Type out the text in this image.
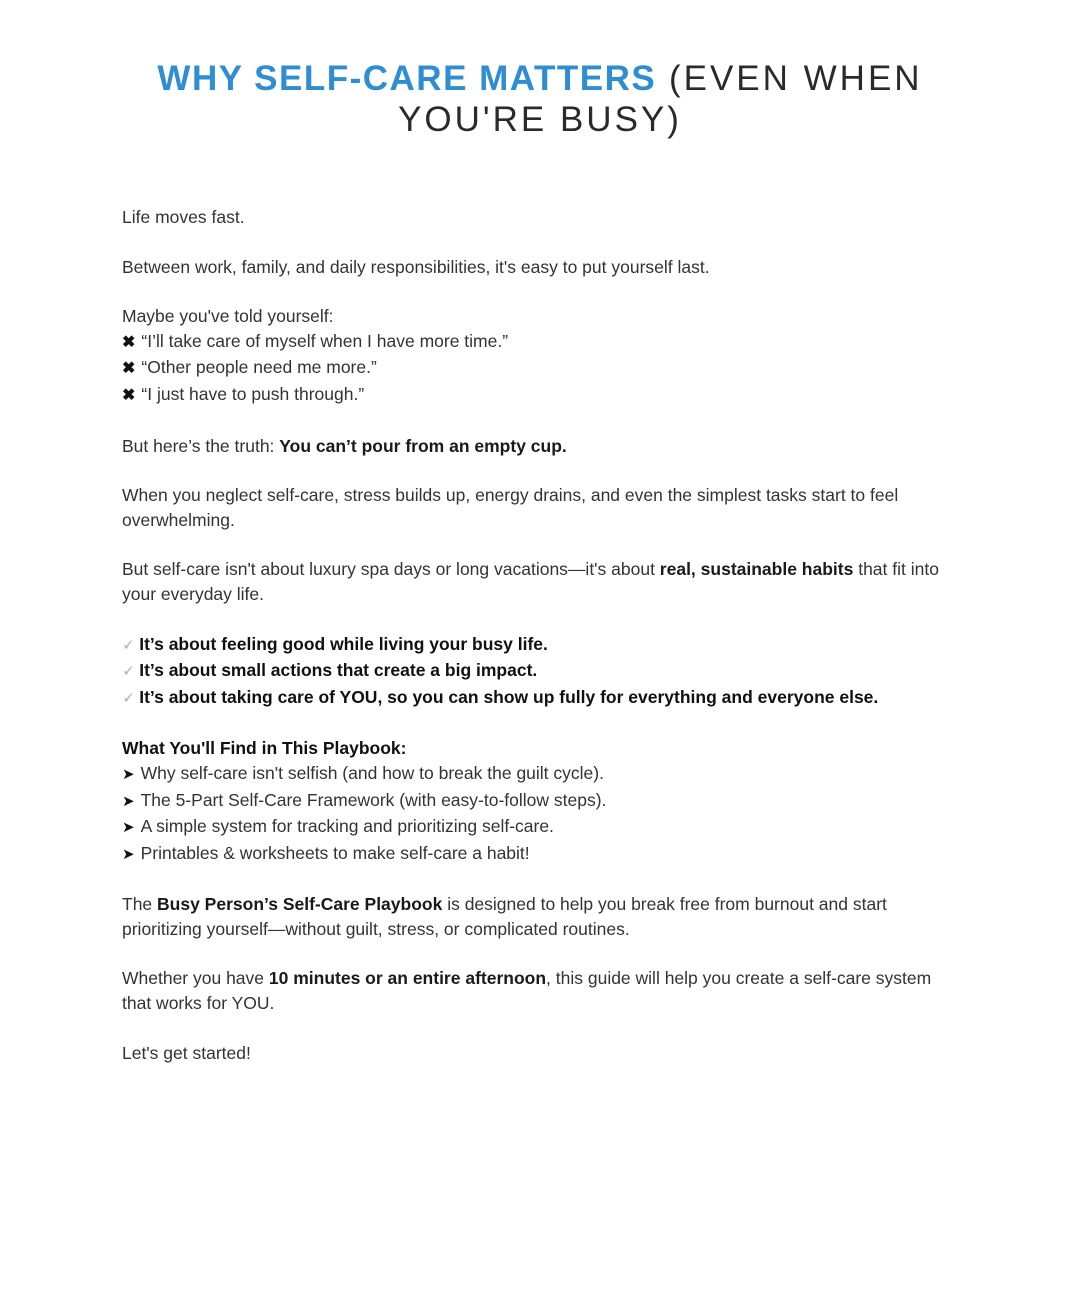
WHY SELF-CARE MATTERS (EVEN WHEN YOU'RE BUSY)

Life moves fast.

Between work, family, and daily responsibilities, it's easy to put yourself last.

Maybe you've told yourself:

✖ “I’ll take care of myself when I have more time.”
✖ “Other people need me more.”
✖ “I just have to push through.”

But here’s the truth: You can’t pour from an empty cup.

When you neglect self-care, stress builds up, energy drains, and even the simplest tasks start to feel overwhelming.

But self-care isn't about luxury spa days or long vacations—it's about real, sustainable habits that fit into your everyday life.

🗸 It’s about feeling good while living your busy life.
🗸 It’s about small actions that create a big impact.
🗸 It’s about taking care of YOU, so you can show up fully for everything and everyone else.

What You'll Find in This Playbook:

➤ Why self-care isn't selfish (and how to break the guilt cycle).
➤ The 5-Part Self-Care Framework (with easy-to-follow steps).
➤ A simple system for tracking and prioritizing self-care.
➤ Printables & worksheets to make self-care a habit!

The Busy Person’s Self-Care Playbook is designed to help you break free from burnout and start prioritizing yourself—without guilt, stress, or complicated routines.

Whether you have 10 minutes or an entire afternoon, this guide will help you create a self-care system that works for YOU.

Let's get started!
